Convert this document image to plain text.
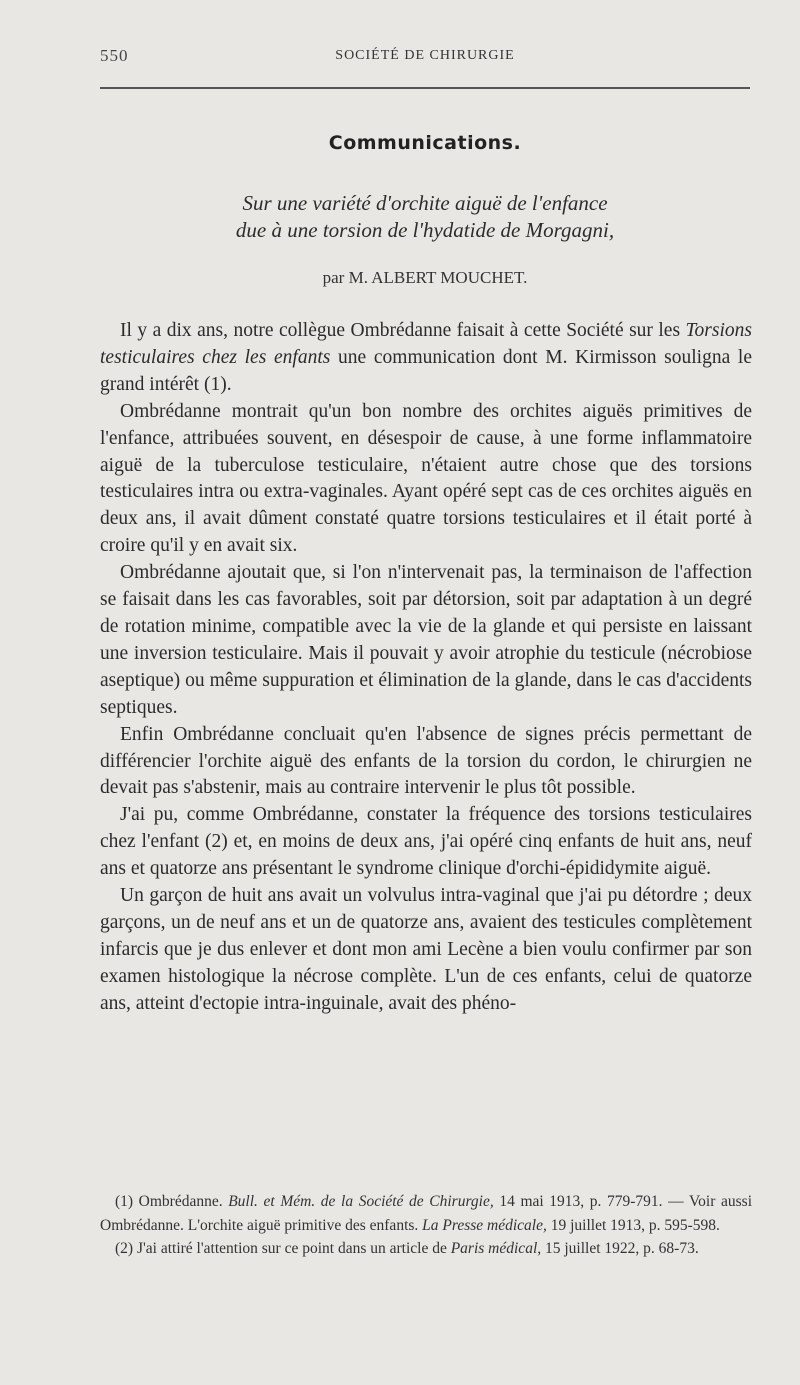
550	SOCIÉTÉ DE CHIRURGIE
Communications.
Sur une variété d'orchite aiguë de l'enfance
due à une torsion de l'hydatide de Morgagni,
par M. ALBERT MOUCHET.

Il y a dix ans, notre collègue Ombrédanne faisait à cette Société sur les Torsions testiculaires chez les enfants une communication dont M. Kirmisson souligna le grand intérêt (1).

Ombrédanne montrait qu'un bon nombre des orchites aiguës primitives de l'enfance, attribuées souvent, en désespoir de cause, à une forme inflammatoire aiguë de la tuberculose testiculaire, n'étaient autre chose que des torsions testiculaires intra ou extra-vaginales. Ayant opéré sept cas de ces orchites aiguës en deux ans, il avait dûment constaté quatre torsions testiculaires et il était porté à croire qu'il y en avait six.

Ombrédanne ajoutait que, si l'on n'intervenait pas, la terminaison de l'affection se faisait dans les cas favorables, soit par détorsion, soit par adaptation à un degré de rotation minime, compatible avec la vie de la glande et qui persiste en laissant une inversion testiculaire. Mais il pouvait y avoir atrophie du testicule (nécrobiose aseptique) ou même suppuration et élimination de la glande, dans le cas d'accidents septiques.

Enfin Ombrédanne concluait qu'en l'absence de signes précis permettant de différencier l'orchite aiguë des enfants de la torsion du cordon, le chirurgien ne devait pas s'abstenir, mais au contraire intervenir le plus tôt possible.

J'ai pu, comme Ombrédanne, constater la fréquence des torsions testiculaires chez l'enfant (2) et, en moins de deux ans, j'ai opéré cinq enfants de huit ans, neuf ans et quatorze ans présentant le syndrome clinique d'orchi-épididymite aiguë.

Un garçon de huit ans avait un volvulus intra-vaginal que j'ai pu détordre ; deux garçons, un de neuf ans et un de quatorze ans, avaient des testicules complètement infarcis que je dus enlever et dont mon ami Lecène a bien voulu confirmer par son examen histologique la nécrose complète. L'un de ces enfants, celui de quatorze ans, atteint d'ectopie intra-inguinale, avait des phéno-

(1) Ombrédanne. Bull. et Mém. de la Société de Chirurgie, 14 mai 1913, p. 779-791. — Voir aussi Ombrédanne. L'orchite aiguë primitive des enfants. La Presse médicale, 19 juillet 1913, p. 595-598.

(2) J'ai attiré l'attention sur ce point dans un article de Paris médical, 15 juillet 1922, p. 68-73.
